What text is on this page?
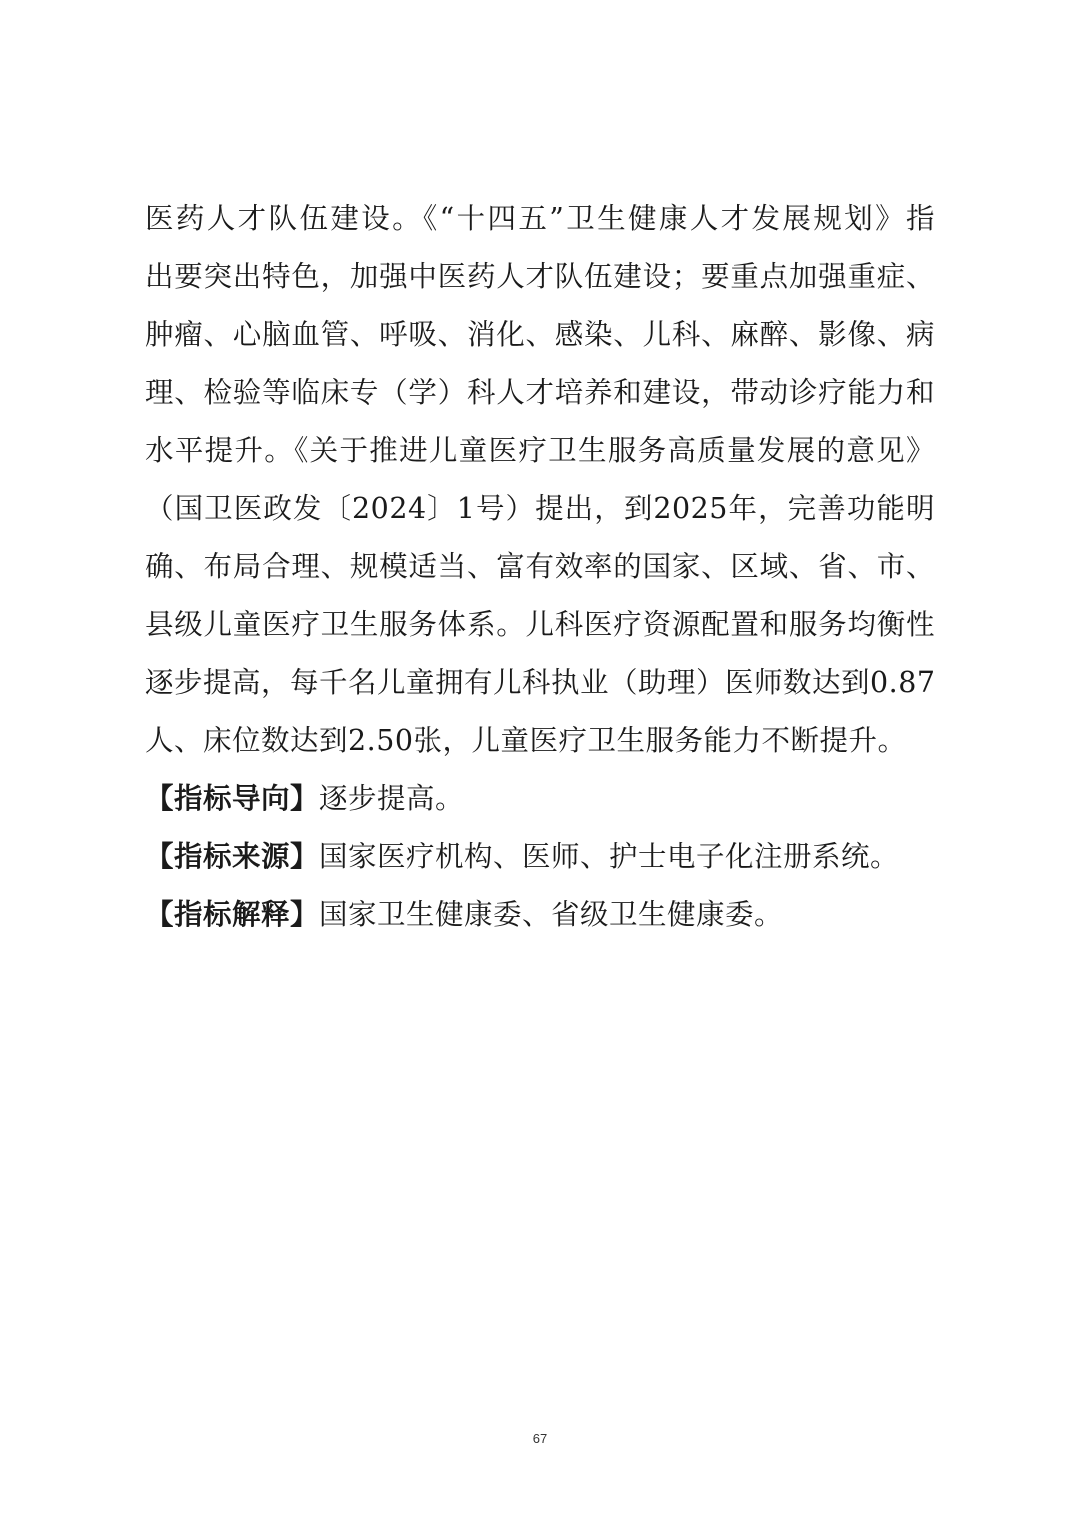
医药人才队伍建设。《“十四五”卫生健康人才发展规划》指
出要突出特色，加强中医药人才队伍建设；要重点加强重症、
肿瘤、心脑血管、呼吸、消化、感染、儿科、麻醉、影像、病
理、检验等临床专（学）科人才培养和建设，带动诊疗能力和
水平提升。《关于推进儿童医疗卫生服务高质量发展的意见》
（国卫医政发〔2024〕1号）提出，到2025年，完善功能明
确、布局合理、规模适当、富有效率的国家、区域、省、市、
县级儿童医疗卫生服务体系。儿科医疗资源配置和服务均衡性
逐步提高，每千名儿童拥有儿科执业（助理）医师数达到0.87
人、床位数达到2.50张，儿童医疗卫生服务能力不断提升。
【指标导向】逐步提高。
【指标来源】国家医疗机构、医师、护士电子化注册系统。
【指标解释】国家卫生健康委、省级卫生健康委。
67
